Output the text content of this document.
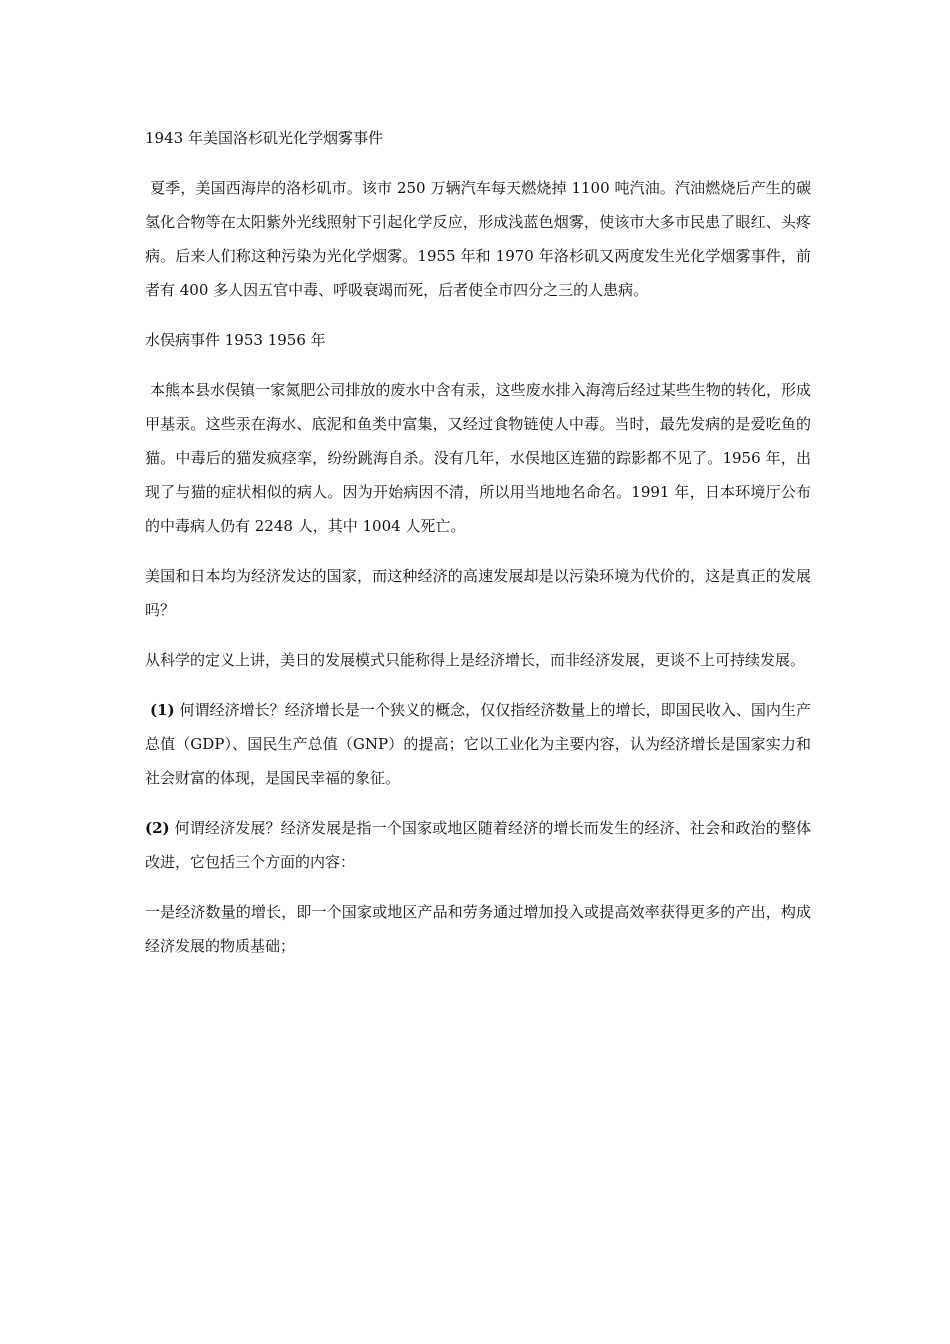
1943 年美国洛杉矶光化学烟雾事件

夏季，美国西海岸的洛杉矶市。该市 250 万辆汽车每天燃烧掉 1100 吨汽油。汽油燃烧后产生的碳氢化合物等在太阳紫外光线照射下引起化学反应，形成浅蓝色烟雾，使该市大多市民患了眼红、头疼病。后来人们称这种污染为光化学烟雾。1955 年和 1970 年洛杉矶又两度发生光化学烟雾事件，前者有 400 多人因五官中毒、呼吸衰竭而死，后者使全市四分之三的人患病。

水俣病事件 1953 1956 年

本熊本县水俣镇一家氮肥公司排放的废水中含有汞，这些废水排入海湾后经过某些生物的转化，形成甲基汞。这些汞在海水、底泥和鱼类中富集，又经过食物链使人中毒。当时，最先发病的是爱吃鱼的猫。中毒后的猫发疯痉挛，纷纷跳海自杀。没有几年，水俣地区连猫的踪影都不见了。1956 年，出现了与猫的症状相似的病人。因为开始病因不清，所以用当地地名命名。1991 年，日本环境厅公布的中毒病人仍有 2248 人，其中 1004 人死亡。

美国和日本均为经济发达的国家，而这种经济的高速发展却是以污染环境为代价的，这是真正的发展吗？

从科学的定义上讲，美日的发展模式只能称得上是经济增长，而非经济发展，更谈不上可持续发展。

(1) 何谓经济增长？经济增长是一个狭义的概念，仅仅指经济数量上的增长，即国民收入、国内生产总值（GDP）、国民生产总值（GNP）的提高；它以工业化为主要内容，认为经济增长是国家实力和社会财富的体现，是国民幸福的象征。

(2) 何谓经济发展？经济发展是指一个国家或地区随着经济的增长而发生的经济、社会和政治的整体改进，它包括三个方面的内容：

一是经济数量的增长，即一个国家或地区产品和劳务通过增加投入或提高效率获得更多的产出，构成经济发展的物质基础；
